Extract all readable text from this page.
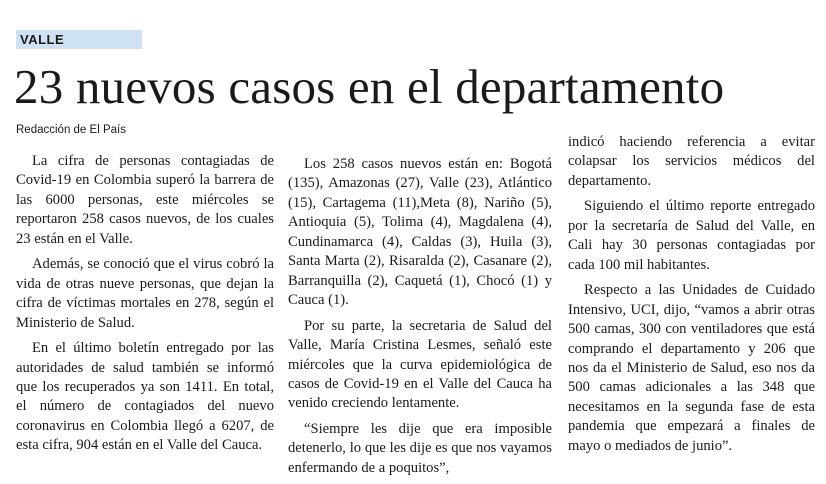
VALLE
23 nuevos casos en el departamento
Redacción de El País

La cifra de personas contagiadas de Covid-19 en Colombia superó la barrera de las 6000 personas, este miércoles se reportaron 258 casos nuevos, de los cuales 23 están en el Valle.

Además, se conoció que el virus cobró la vida de otras nueve personas, que dejan la cifra de víctimas mortales en 278, según el Ministerio de Salud.

En el último boletín entregado por las autoridades de salud también se informó que los recuperados ya son 1411. En total, el número de contagiados del nuevo coronavirus en Colombia llegó a 6207, de esta cifra, 904 están en el Valle del Cauca.

Los 258 casos nuevos están en: Bogotá (135), Amazonas (27), Valle (23), Atlántico (15), Cartagema (11),Meta (8), Nariño (5), Antioquia (5), Tolima (4), Magdalena (4), Cundinamarca (4), Caldas (3), Huila (3), Santa Marta (2), Risaralda (2), Casanare (2), Barranquilla (2), Caquetá (1), Chocó (1) y Cauca (1).

Por su parte, la secretaria de Salud del Valle, María Cristina Lesmes, señaló este miércoles que la curva epidemiológica de casos de Covid-19 en el Valle del Cauca ha venido creciendo lentamente.

“Siempre les dije que era imposible detenerlo, lo que les dije es que nos vayamos enfermando de a poquitos”,

indicó haciendo referencia a evitar colapsar los servicios médicos del departamento.

Siguiendo el último reporte entregado por la secretaría de Salud del Valle, en Cali hay 30 personas contagiadas por cada 100 mil habitantes.

Respecto a las Unidades de Cuidado Intensivo, UCI, dijo, “vamos a abrir otras 500 camas, 300 con ventiladores que está comprando el departamento y 206 que nos da el Ministerio de Salud, eso nos da 500 camas adicionales a las 348 que necesitamos en la segunda fase de esta pandemia que empezará a finales de mayo o mediados de junio”.
